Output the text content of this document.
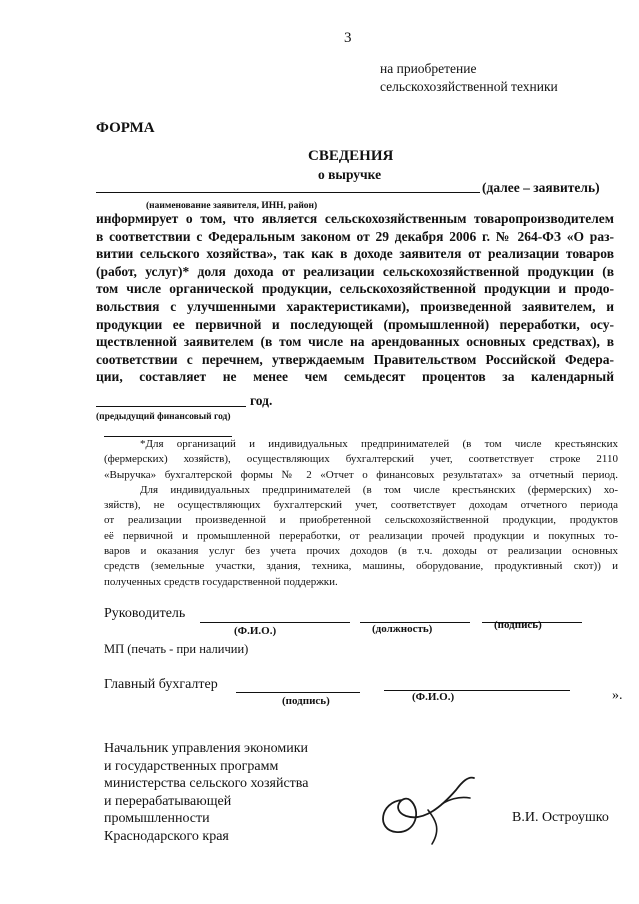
3
на приобретение
сельскохозяйственной техники
ФОРМА
СВЕДЕНИЯ
о выручке
(далее – заявитель)
(наименование заявителя, ИНН, район)
информирует о том, что является сельскохозяйственным товаропроизводителем
в соответствии с Федеральным законом от 29 декабря 2006 г. № 264-ФЗ «О раз-
витии сельского хозяйства», так как в доходе заявителя от реализации товаров
(работ, услуг)* доля дохода от реализации сельскохозяйственной продукции (в
том числе органической продукции, сельскохозяйственной продукции и продо-
вольствия с улучшенными характеристиками), произведенной заявителем, и
продукции ее первичной и последующей (промышленной) переработки, осу-
ществленной заявителем (в том числе на арендованных основных средствах), в
соответствии с перечнем, утверждаемым Правительством Российской Федера-
ции, составляет не менее чем семьдесят процентов за календарный
год.
(предыдущий финансовый год)
*Для организаций и индивидуальных предпринимателей (в том числе крестьянских
(фермерских) хозяйств), осуществляющих бухгалтерский учет, соответствует строке 2110
«Выручка» бухгалтерской формы № 2 «Отчет о финансовых результатах» за отчетный период.
Для индивидуальных предпринимателей (в том числе крестьянских (фермерских) хо-
зяйств), не осуществляющих бухгалтерский учет, соответствует доходам отчетного периода
от реализации произведенной и приобретенной сельскохозяйственной продукции, продуктов
её первичной и промышленной переработки, от реализации прочей продукции и покупных то-
варов и оказания услуг без учета прочих доходов (в т.ч. доходы от реализации основных
средств (земельные участки, здания, техника, машины, оборудование, продуктивный скот)) и
полученных средств государственной поддержки.
Руководитель
(Ф.И.О.)	(должность)	(подпись)
МП (печать - при наличии)
Главный бухгалтер
(подпись)	(Ф.И.О.)	».
Начальник управления экономики
и государственных программ
министерства сельского хозяйства
и перерабатывающей
промышленности
Краснодарского края
В.И. Остроушко
